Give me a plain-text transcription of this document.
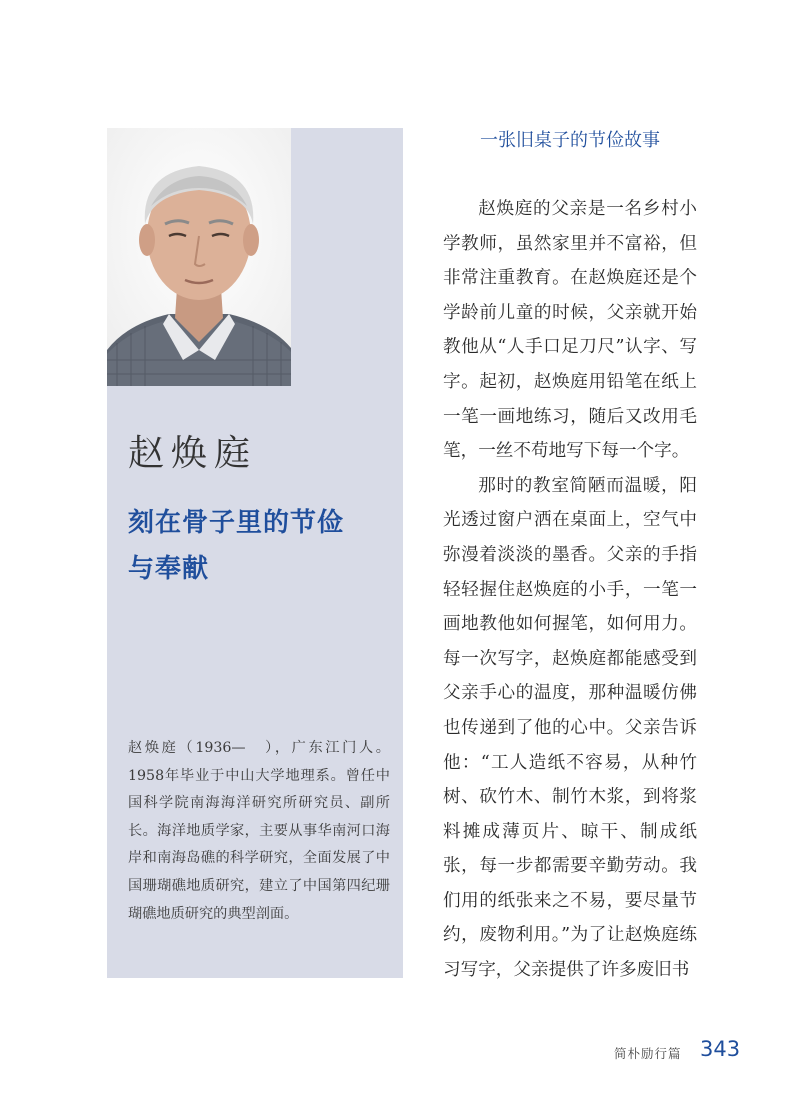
赵焕庭
刻在骨子里的节俭
与奉献
赵焕庭（1936—　），广东江门人。1958年毕业于中山大学地理系。曾任中国科学院南海海洋研究所研究员、副所长。海洋地质学家，主要从事华南河口海岸和南海岛礁的科学研究，全面发展了中国珊瑚礁地质研究，建立了中国第四纪珊瑚礁地质研究的典型剖面。
一张旧桌子的节俭故事

赵焕庭的父亲是一名乡村小学教师，虽然家里并不富裕，但非常注重教育。在赵焕庭还是个学龄前儿童的时候，父亲就开始教他从“人手口足刀尺”认字、写字。起初，赵焕庭用铅笔在纸上一笔一画地练习，随后又改用毛笔，一丝不苟地写下每一个字。

那时的教室简陋而温暖，阳光透过窗户洒在桌面上，空气中弥漫着淡淡的墨香。父亲的手指轻轻握住赵焕庭的小手，一笔一画地教他如何握笔，如何用力。每一次写字，赵焕庭都能感受到父亲手心的温度，那种温暖仿佛也传递到了他的心中。父亲告诉他：“工人造纸不容易，从种竹树、砍竹木、制竹木浆，到将浆料摊成薄页片、晾干、制成纸张，每一步都需要辛勤劳动。我们用的纸张来之不易，要尽量节约，废物利用。”为了让赵焕庭练习写字，父亲提供了许多废旧书

简朴励行篇 343
